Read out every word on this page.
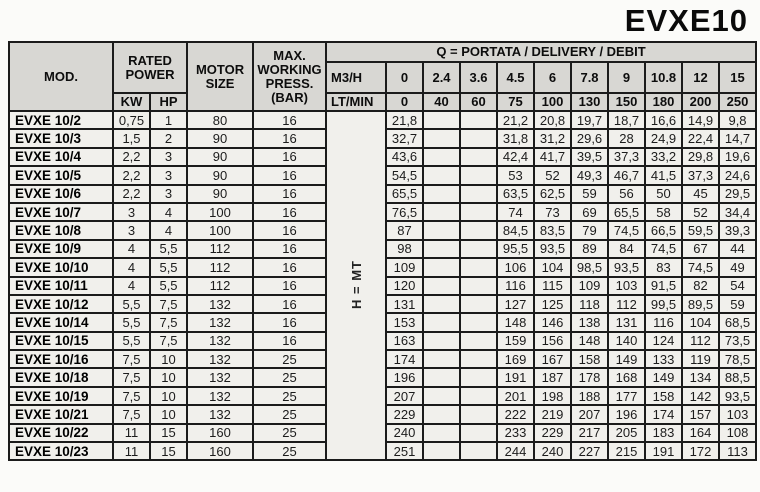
EVXE10
MOD.	RATED POWER		MOTOR SIZE	MAX. WORKING PRESS. (BAR)	Q = PORTATA / DELIVERY / DEBIT										
					M3/H	0	2.4	3.6	4.5	6	7.8	9	10.8	12	15
	KW	HP			LT/MIN	0	40	60	75	100	130	150	180	200	250
EVXE 10/2	0,75	1	80	16	H = MT	21,8			21,2	20,8	19,7	18,7	16,6	14,9	9,8
EVXE 10/3	1,5	2	90	16		32,7			31,8	31,2	29,6	28	24,9	22,4	14,7
EVXE 10/4	2,2	3	90	16		43,6			42,4	41,7	39,5	37,3	33,2	29,8	19,6
EVXE 10/5	2,2	3	90	16		54,5			53	52	49,3	46,7	41,5	37,3	24,6
EVXE 10/6	2,2	3	90	16		65,5			63,5	62,5	59	56	50	45	29,5
EVXE 10/7	3	4	100	16		76,5			74	73	69	65,5	58	52	34,4
EVXE 10/8	3	4	100	16		87			84,5	83,5	79	74,5	66,5	59,5	39,3
EVXE 10/9	4	5,5	112	16		98			95,5	93,5	89	84	74,5	67	44
EVXE 10/10	4	5,5	112	16		109			106	104	98,5	93,5	83	74,5	49
EVXE 10/11	4	5,5	112	16		120			116	115	109	103	91,5	82	54
EVXE 10/12	5,5	7,5	132	16		131			127	125	118	112	99,5	89,5	59
EVXE 10/14	5,5	7,5	132	16		153			148	146	138	131	116	104	68,5
EVXE 10/15	5,5	7,5	132	16		163			159	156	148	140	124	112	73,5
EVXE 10/16	7,5	10	132	25		174			169	167	158	149	133	119	78,5
EVXE 10/18	7,5	10	132	25		196			191	187	178	168	149	134	88,5
EVXE 10/19	7,5	10	132	25		207			201	198	188	177	158	142	93,5
EVXE 10/21	7,5	10	132	25		229			222	219	207	196	174	157	103
EVXE 10/22	11	15	160	25		240			233	229	217	205	183	164	108
EVXE 10/23	11	15	160	25		251			244	240	227	215	191	172	113
